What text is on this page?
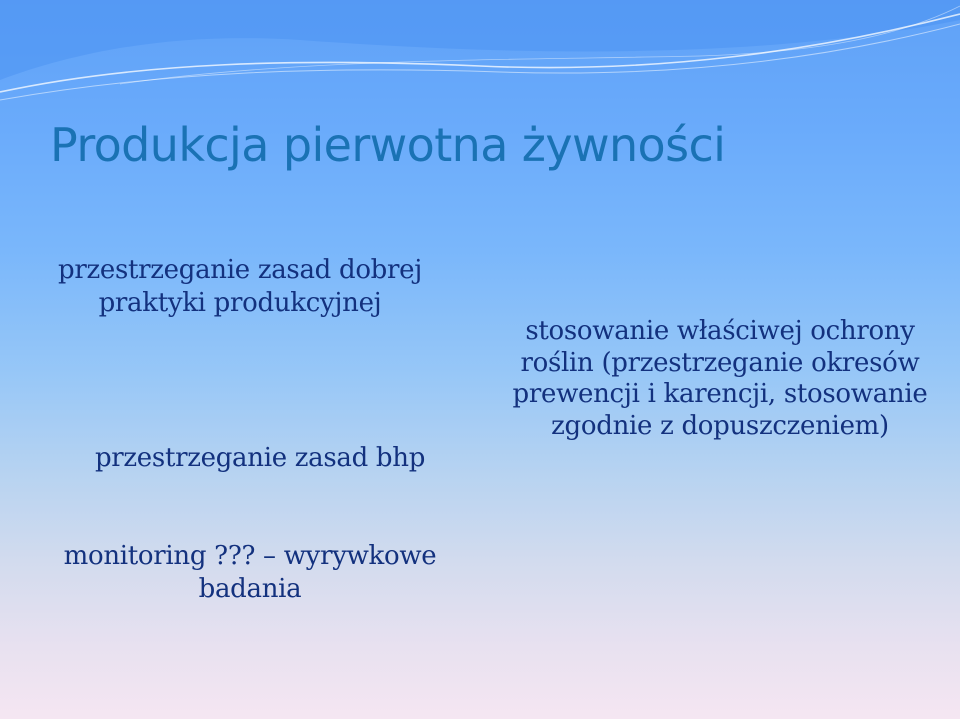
Produkcja pierwotna żywności

przestrzeganie zasad dobrej praktyki produkcyjnej

przestrzeganie zasad bhp

monitoring ??? – wyrywkowe badania

stosowanie właściwej ochrony roślin (przestrzeganie okresów prewencji i karencji, stosowanie zgodnie z dopuszczeniem)
